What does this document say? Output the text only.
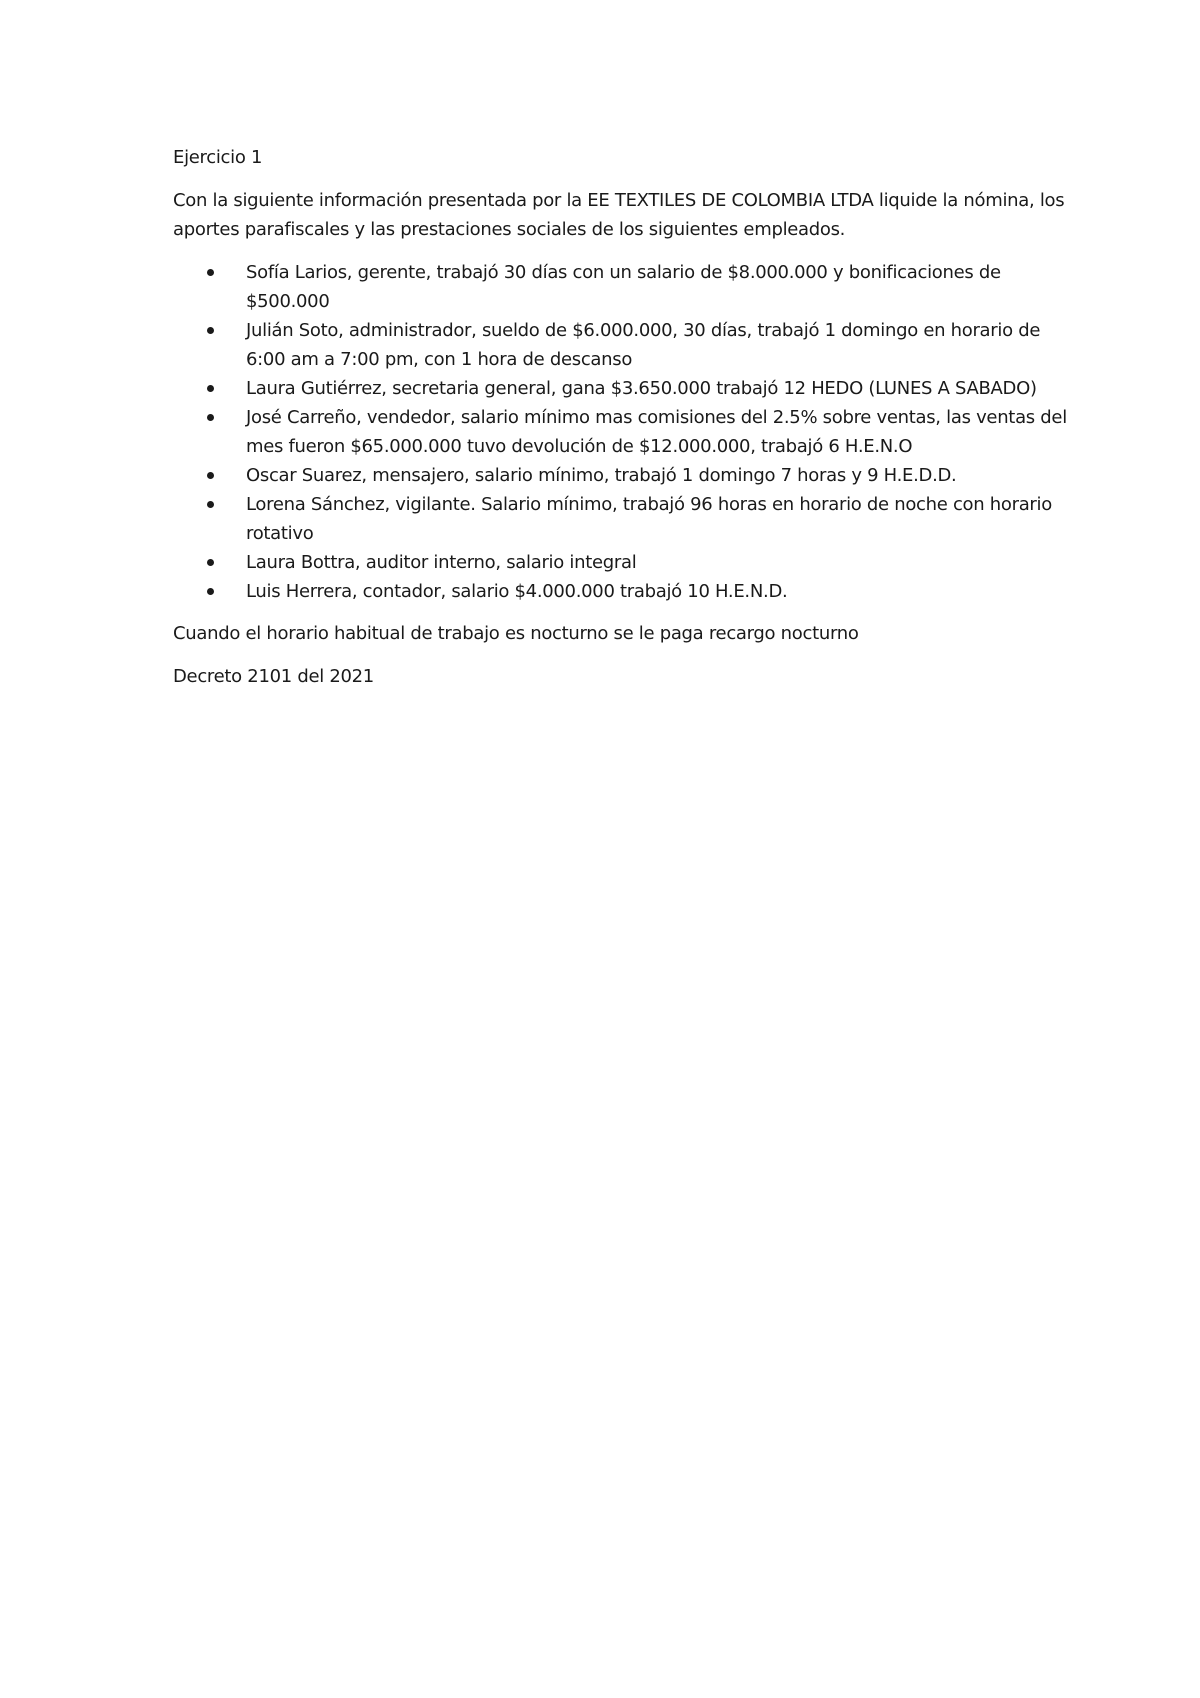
Ejercicio 1

Con la siguiente información presentada por la EE TEXTILES DE COLOMBIA LTDA liquide la nómina, los aportes parafiscales y las prestaciones sociales de los siguientes empleados.

Sofía Larios, gerente, trabajó 30 días con un salario de $8.000.000 y bonificaciones de $500.000
Julián Soto, administrador, sueldo de $6.000.000, 30 días, trabajó 1 domingo en horario de 6:00 am a 7:00 pm, con 1 hora de descanso
Laura Gutiérrez, secretaria general, gana $3.650.000 trabajó 12 HEDO (LUNES A SABADO)
José Carreño, vendedor, salario mínimo mas comisiones del 2.5% sobre ventas, las ventas del mes fueron $65.000.000 tuvo devolución de $12.000.000, trabajó 6 H.E.N.O
Oscar Suarez, mensajero, salario mínimo, trabajó 1 domingo 7 horas y 9 H.E.D.D.
Lorena Sánchez, vigilante. Salario mínimo, trabajó 96 horas en horario de noche con horario rotativo
Laura Bottra, auditor interno, salario integral
Luis Herrera, contador, salario $4.000.000 trabajó 10 H.E.N.D.

Cuando el horario habitual de trabajo es nocturno se le paga recargo nocturno

Decreto 2101 del 2021
